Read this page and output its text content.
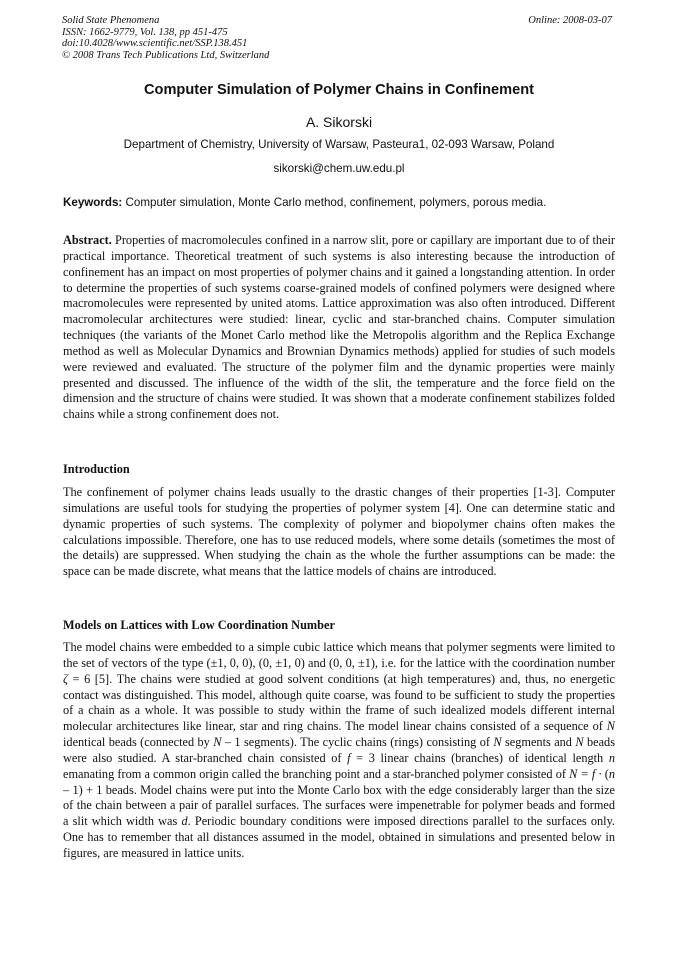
Solid State Phenomena
ISSN: 1662-9779, Vol. 138, pp 451-475
doi:10.4028/www.scientific.net/SSP.138.451
© 2008 Trans Tech Publications Ltd, Switzerland
Online: 2008-03-07
Computer Simulation of Polymer Chains in Confinement
A. Sikorski
Department of Chemistry, University of Warsaw, Pasteura1, 02-093 Warsaw, Poland
sikorski@chem.uw.edu.pl
Keywords: Computer simulation, Monte Carlo method, confinement, polymers, porous media.
Abstract. Properties of macromolecules confined in a narrow slit, pore or capillary are important due to of their practical importance. Theoretical treatment of such systems is also interesting because the introduction of confinement has an impact on most properties of polymer chains and it gained a longstanding attention. In order to determine the properties of such systems coarse-grained models of confined polymers were designed where macromolecules were represented by united atoms. Lattice approximation was also often introduced. Different macromolecular architectures were studied: linear, cyclic and star-branched chains. Computer simulation techniques (the variants of the Monet Carlo method like the Metropolis algorithm and the Replica Exchange method as well as Molecular Dynamics and Brownian Dynamics methods) applied for studies of such models were reviewed and evaluated. The structure of the polymer film and the dynamic properties were mainly presented and discussed. The influence of the width of the slit, the temperature and the force field on the dimension and the structure of chains were studied. It was shown that a moderate confinement stabilizes folded chains while a strong confinement does not.
Introduction
The confinement of polymer chains leads usually to the drastic changes of their properties [1-3]. Computer simulations are useful tools for studying the properties of polymer system [4]. One can determine static and dynamic properties of such systems. The complexity of polymer and biopolymer chains often makes the calculations impossible. Therefore, one has to use reduced models, where some details (sometimes the most of the details) are suppressed. When studying the chain as the whole the further assumptions can be made: the space can be made discrete, what means that the lattice models of chains are introduced.
Models on Lattices with Low Coordination Number
The model chains were embedded to a simple cubic lattice which means that polymer segments were limited to the set of vectors of the type (±1, 0, 0), (0, ±1, 0) and (0, 0, ±1), i.e. for the lattice with the coordination number ζ = 6 [5]. The chains were studied at good solvent conditions (at high temperatures) and, thus, no energetic contact was distinguished. This model, although quite coarse, was found to be sufficient to study the properties of a chain as a whole. It was possible to study within the frame of such idealized models different internal molecular architectures like linear, star and ring chains. The model linear chains consisted of a sequence of N identical beads (connected by N – 1 segments). The cyclic chains (rings) consisting of N segments and N beads were also studied. A star-branched chain consisted of f = 3 linear chains (branches) of identical length n emanating from a common origin called the branching point and a star-branched polymer consisted of N = f · (n – 1) + 1 beads. Model chains were put into the Monte Carlo box with the edge considerably larger than the size of the chain between a pair of parallel surfaces. The surfaces were impenetrable for polymer beads and formed a slit which width was d. Periodic boundary conditions were imposed directions parallel to the surfaces only. One has to remember that all distances assumed in the model, obtained in simulations and presented below in figures, are measured in lattice units.
